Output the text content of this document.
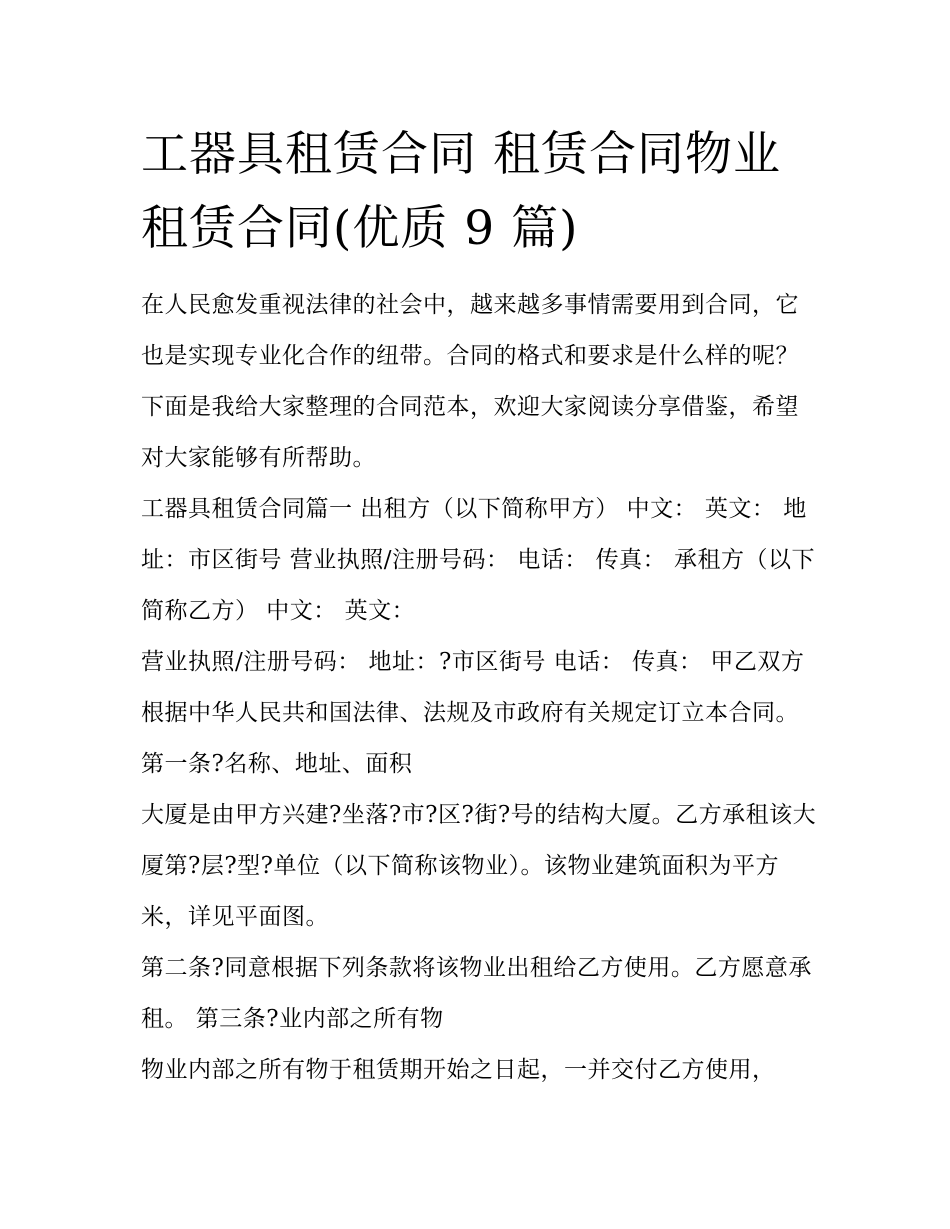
工器具租赁合同 租赁合同物业
租赁合同(优质 9 篇)

在人民愈发重视法律的社会中，越来越多事情需要用到合同，它也是实现专业化合作的纽带。合同的格式和要求是什么样的呢？下面是我给大家整理的合同范本，欢迎大家阅读分享借鉴，希望对大家能够有所帮助。

工器具租赁合同篇一 出租方（以下简称甲方） 中文： 英文： 地址：市区街号 营业执照/注册号码： 电话： 传真： 承租方（以下简称乙方） 中文： 英文：

营业执照/注册号码： 地址：?市区街号 电话： 传真： 甲乙双方根据中华人民共和国法律、法规及市政府有关规定订立本合同。 第一条?名称、地址、面积

大厦是由甲方兴建?坐落?市?区?街?号的结构大厦。乙方承租该大厦第?层?型?单位（以下简称该物业）。该物业建筑面积为平方米，详见平面图。

第二条?同意根据下列条款将该物业出租给乙方使用。乙方愿意承租。 第三条?业内部之所有物

物业内部之所有物于租赁期开始之日起，一并交付乙方使用，
